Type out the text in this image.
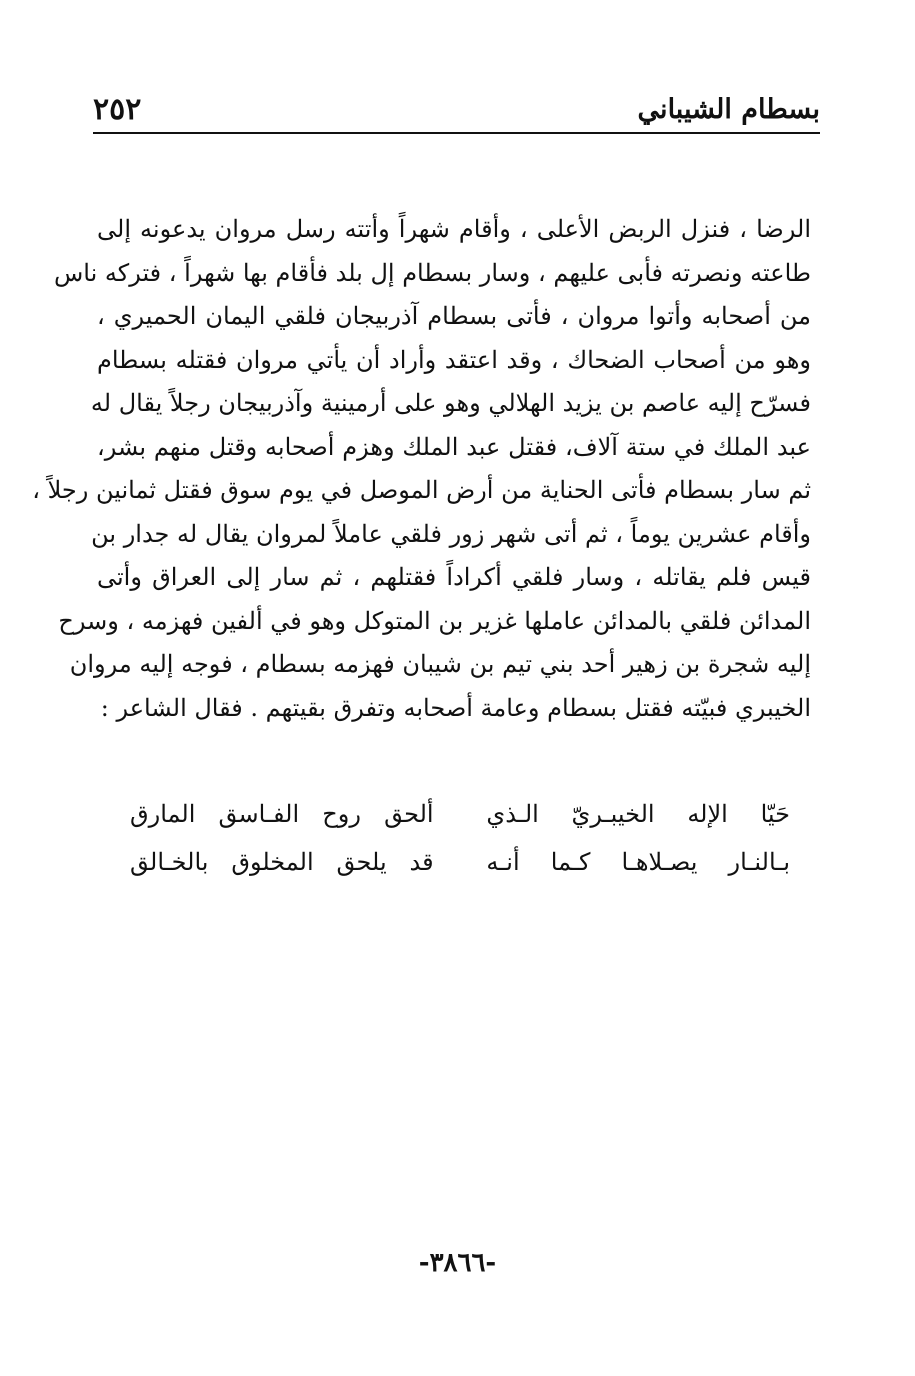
٢٥٢	بسطام الشيباني
الرضا ، فنزل الربض الأعلى ، وأقام شهراً وأتته رسل مروان يدعونه إلى
طاعته ونصرته فأبى عليهم ، وسار بسطام إل بلد فأقام بها شهراً ، فتركه ناس
من أصحابه وأتوا مروان ، فأتى بسطام آذربيجان فلقي اليمان الحميري ،
وهو من أصحاب الضحاك ، وقد اعتقد وأراد أن يأتي مروان فقتله بسطام
فسرّح إليه عاصم بن يزيد الهلالي وهو على أرمينية وآذربيجان رجلاً يقال له
عبد الملك في ستة آلاف، فقتل عبد الملك وهزم أصحابه وقتل منهم بشر،
ثم سار بسطام فأتى الحناية من أرض الموصل في يوم سوق فقتل ثمانين رجلاً ،
وأقام عشرين يوماً ، ثم أتى شهر زور فلقي عاملاً لمروان يقال له جدار بن
قيس فلم يقاتله ، وسار فلقي أكراداً فقتلهم ، ثم سار إلى العراق وأتى
المدائن فلقي بالمدائن عاملها غزير بن المتوكل وهو في ألفين فهزمه ، وسرح
إليه شجرة بن زهير أحد بني تيم بن شيبان فهزمه بسطام ، فوجه إليه مروان
الخيبري فبيّته فقتل بسطام وعامة أصحابه وتفرق بقيتهم . فقال الشاعر :
حَيّا الإله الخيبـريّ الـذي
ألحق روح الفـاسق المارق
بـالنـار يصـلاهـا كـما أنـه
قد يلحق المخلوق بالخـالق
-٣٨٦٦-
